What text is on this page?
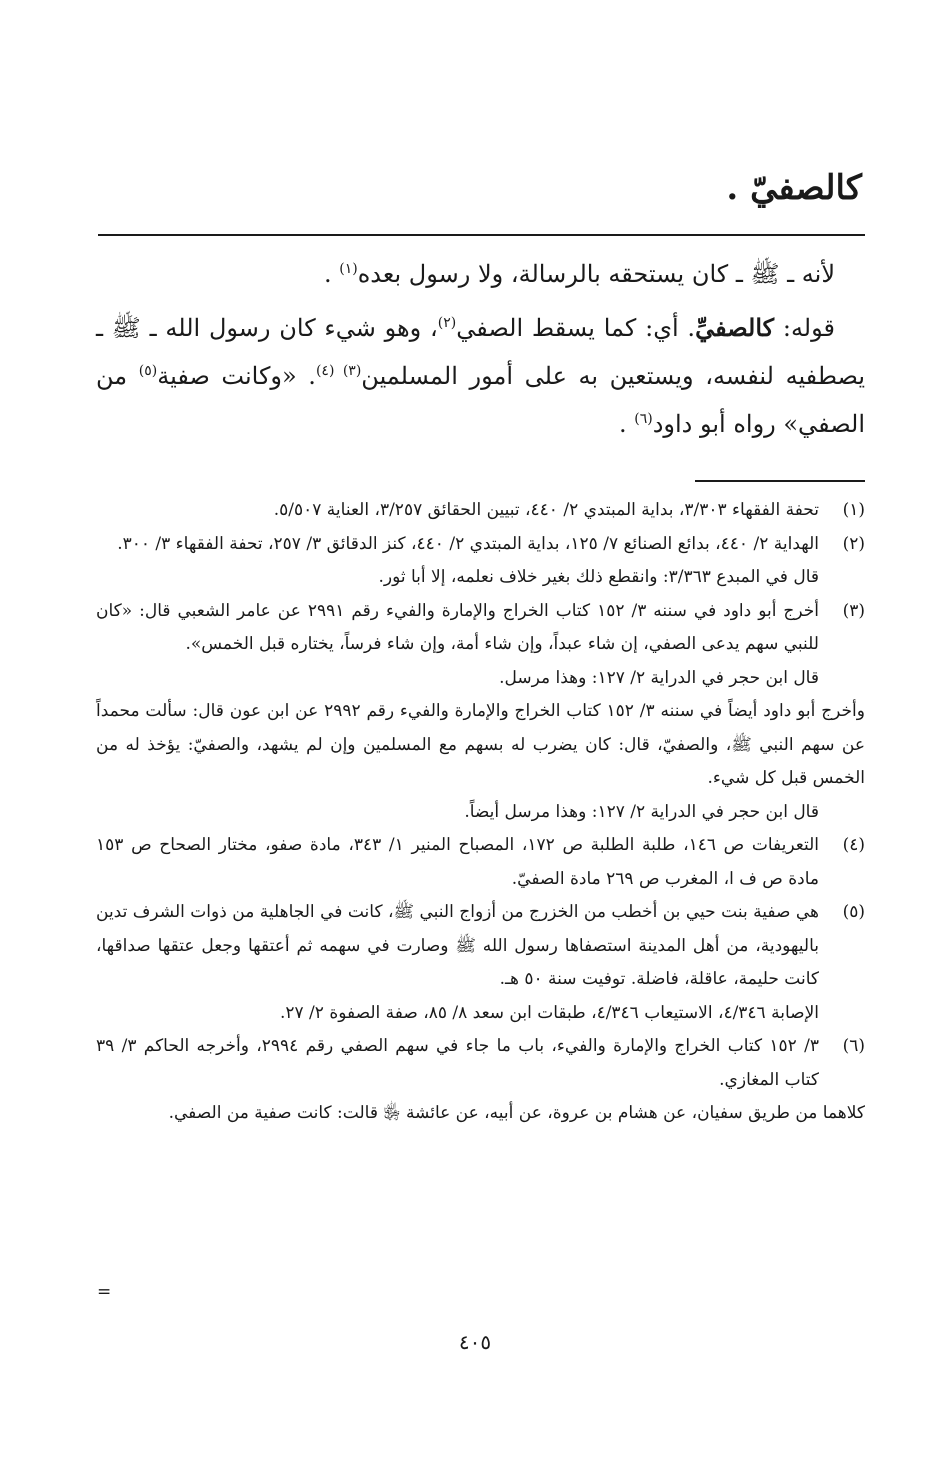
كالصفيّ .

لأنه ـ ﷺ ـ كان يستحقه بالرسالة، ولا رسول بعده$^{(١)}$ .

قوله: كالصفيِّ. أي: كما يسقط الصفي$^{(٢)}$، وهو شيء كان رسول الله ـ ﷺ ـ يصطفيه لنفسه، ويستعين به على أمور المسلمين$^{(٣) (٤)}$. «وكانت صفية$^{(٥)}$ من الصفي» رواه أبو داود$^{(٦)}$ .

(١)

تحفة الفقهاء ٣/٣٠٣، بداية المبتدي ٢/ ٤٤٠، تبيين الحقائق ٣/٢٥٧، العناية ٥/٥٠٧.

(٢)

الهداية ٢/ ٤٤٠، بدائع الصنائع ٧/ ١٢٥، بداية المبتدي ٢/ ٤٤٠، كنز الدقائق ٣/ ٢٥٧، تحفة الفقهاء ٣/ ٣٠٠.

قال في المبدع ٣/٣٦٣: وانقطع ذلك بغير خلاف نعلمه، إلا أبا ثور.

(٣)

أخرج أبو داود في سننه ٣/ ١٥٢ كتاب الخراج والإمارة والفيء رقم ٢٩٩١ عن عامر الشعبي قال: «كان للنبي سهم يدعى الصفي، إن شاء عبداً، وإن شاء أمة، وإن شاء فرساً، يختاره قبل الخمس».

قال ابن حجر في الدراية ٢/ ١٢٧: وهذا مرسل.

وأخرج أبو داود أيضاً في سننه ٣/ ١٥٢ كتاب الخراج والإمارة والفيء رقم ٢٩٩٢ عن ابن عون قال: سألت محمداً عن سهم النبي ﷺ، والصفيّ، قال: كان يضرب له بسهم مع المسلمين وإن لم يشهد، والصفيّ: يؤخذ له من الخمس قبل كل شيء.

قال ابن حجر في الدراية ٢/ ١٢٧: وهذا مرسل أيضاً.

(٤)

التعريفات ص ١٤٦، طلبة الطلبة ص ١٧٢، المصباح المنير ١/ ٣٤٣، مادة صفو، مختار الصحاح ص ١٥٣ مادة ص ف ا، المغرب ص ٢٦٩ مادة الصفيّ.

(٥)

هي صفية بنت حيي بن أخطب من الخزرج من أزواج النبي ﷺ، كانت في الجاهلية من ذوات الشرف تدين باليهودية، من أهل المدينة استصفاها رسول الله ﷺ وصارت في سهمه ثم أعتقها وجعل عتقها صداقها، كانت حليمة، عاقلة، فاضلة. توفيت سنة ٥٠ هـ.

الإصابة ٤/٣٤٦، الاستيعاب ٤/٣٤٦، طبقات ابن سعد ٨/ ٨٥، صفة الصفوة ٢/ ٢٧.

(٦)

٣/ ١٥٢ كتاب الخراج والإمارة والفيء، باب ما جاء في سهم الصفي رقم ٢٩٩٤، وأخرجه الحاكم ٣/ ٣٩ كتاب المغازي.

كلاهما من طريق سفيان، عن هشام بن عروة، عن أبيه، عن عائشة ﵂ قالت: كانت صفية من الصفي.

=
٤٠٥
